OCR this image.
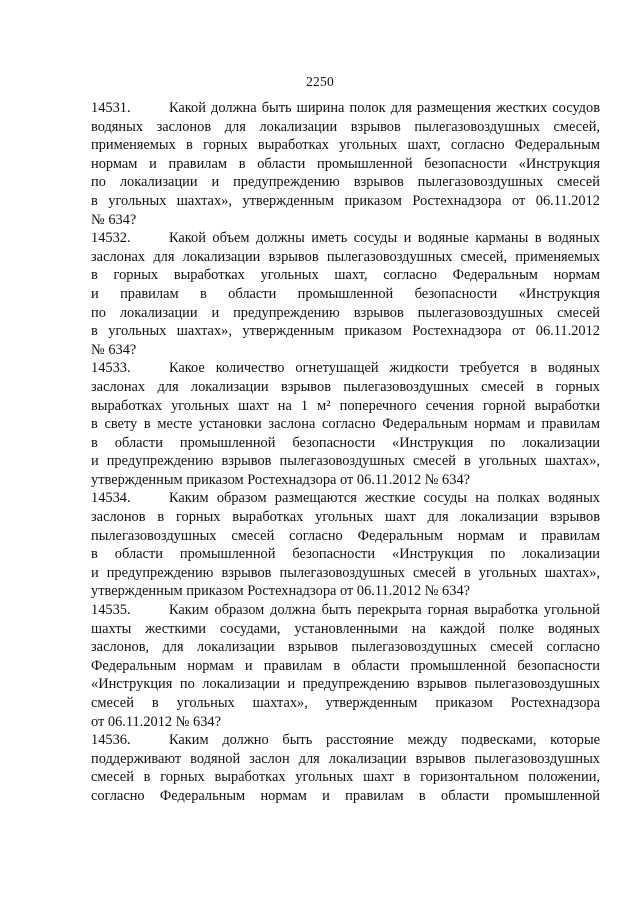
2250
14531.	Какой должна быть ширина полок для размещения жестких сосудов
водяных заслонов для локализации взрывов пылегазовоздушных смесей,
применяемых в горных выработках угольных шахт, согласно Федеральным
нормам и правилам в области промышленной безопасности «Инструкция
по локализации и предупреждению взрывов пылегазовоздушных смесей
в угольных шахтах», утвержденным приказом Ростехнадзора от 06.11.2012
№ 634?
14532.	Какой объем должны иметь сосуды и водяные карманы в водяных
заслонах для локализации взрывов пылегазовоздушных смесей, применяемых
в горных выработках угольных шахт, согласно Федеральным нормам
и правилам в области промышленной безопасности «Инструкция
по локализации и предупреждению взрывов пылегазовоздушных смесей
в угольных шахтах», утвержденным приказом Ростехнадзора от 06.11.2012
№ 634?
14533.	Какое количество огнетушащей жидкости требуется в водяных
заслонах для локализации взрывов пылегазовоздушных смесей в горных
выработках угольных шахт на 1 м² поперечного сечения горной выработки
в свету в месте установки заслона согласно Федеральным нормам и правилам
в области промышленной безопасности «Инструкция по локализации
и предупреждению взрывов пылегазовоздушных смесей в угольных шахтах»,
утвержденным приказом Ростехнадзора от 06.11.2012 № 634?
14534.	Каким образом размещаются жесткие сосуды на полках водяных
заслонов в горных выработках угольных шахт для локализации взрывов
пылегазовоздушных смесей согласно Федеральным нормам и правилам
в области промышленной безопасности «Инструкция по локализации
и предупреждению взрывов пылегазовоздушных смесей в угольных шахтах»,
утвержденным приказом Ростехнадзора от 06.11.2012 № 634?
14535.	Каким образом должна быть перекрыта горная выработка угольной
шахты жесткими сосудами, установленными на каждой полке водяных
заслонов, для локализации взрывов пылегазовоздушных смесей согласно
Федеральным нормам и правилам в области промышленной безопасности
«Инструкция по локализации и предупреждению взрывов пылегазовоздушных
смесей в угольных шахтах», утвержденным приказом Ростехнадзора
от 06.11.2012 № 634?
14536.	Каким должно быть расстояние между подвесками, которые
поддерживают водяной заслон для локализации взрывов пылегазовоздушных
смесей в горных выработках угольных шахт в горизонтальном положении,
согласно Федеральным нормам и правилам в области промышленной
